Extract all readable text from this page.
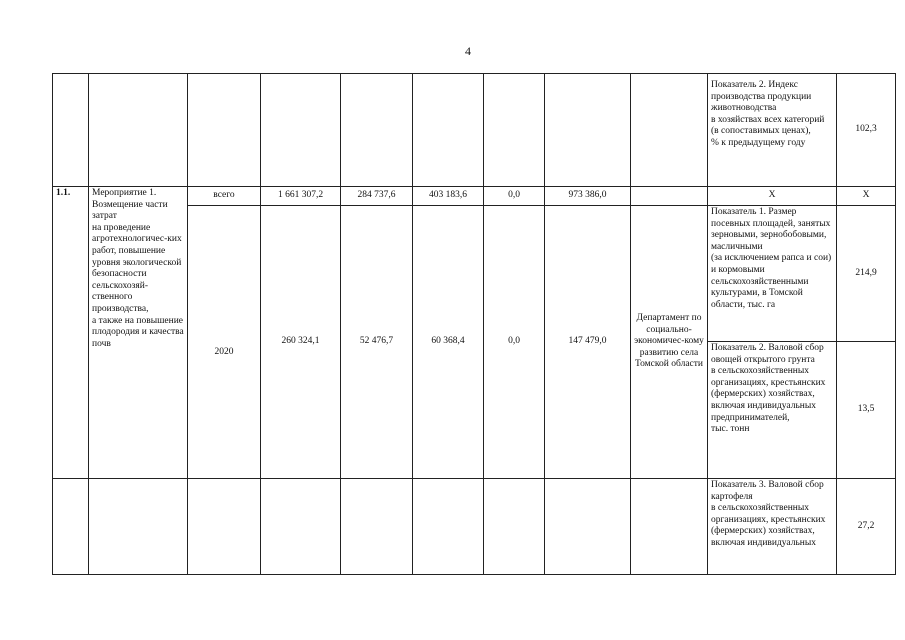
4
									Показатель 2. Индекс производства продукции животноводства
в хозяйствах всех категорий
(в сопоставимых ценах),
% к предыдущему году	102,3
1.1.	Мероприятие 1. Возмещение части затрат
на проведение агротехнологичес-ких работ, повышение уровня экологической безопасности сельскохозяй-ственного производства,
а также на повышение плодородия и качества почв	всего	1 661 307,2	284 737,6	403 183,6	0,0	973 386,0		Х	Х
		2020	260 324,1	52 476,7	60 368,4	0,0	147 479,0	Департамент по социально-экономичес-кому развитию села Томской области	Показатель 1. Размер посевных площадей, занятых зерновыми, зернобобовыми, масличными
(за исключением рапса и сои)
и кормовыми сельскохозяйственными культурами, в Томской области, тыс. га	214,9
									Показатель 2. Валовой сбор овощей открытого грунта
в сельскохозяйственных организациях, крестьянских (фермерских) хозяйствах, включая индивидуальных предпринимателей,
тыс. тонн	13,5
									Показатель 3. Валовой сбор картофеля
в сельскохозяйственных организациях, крестьянских (фермерских) хозяйствах, включая индивидуальных	27,2
